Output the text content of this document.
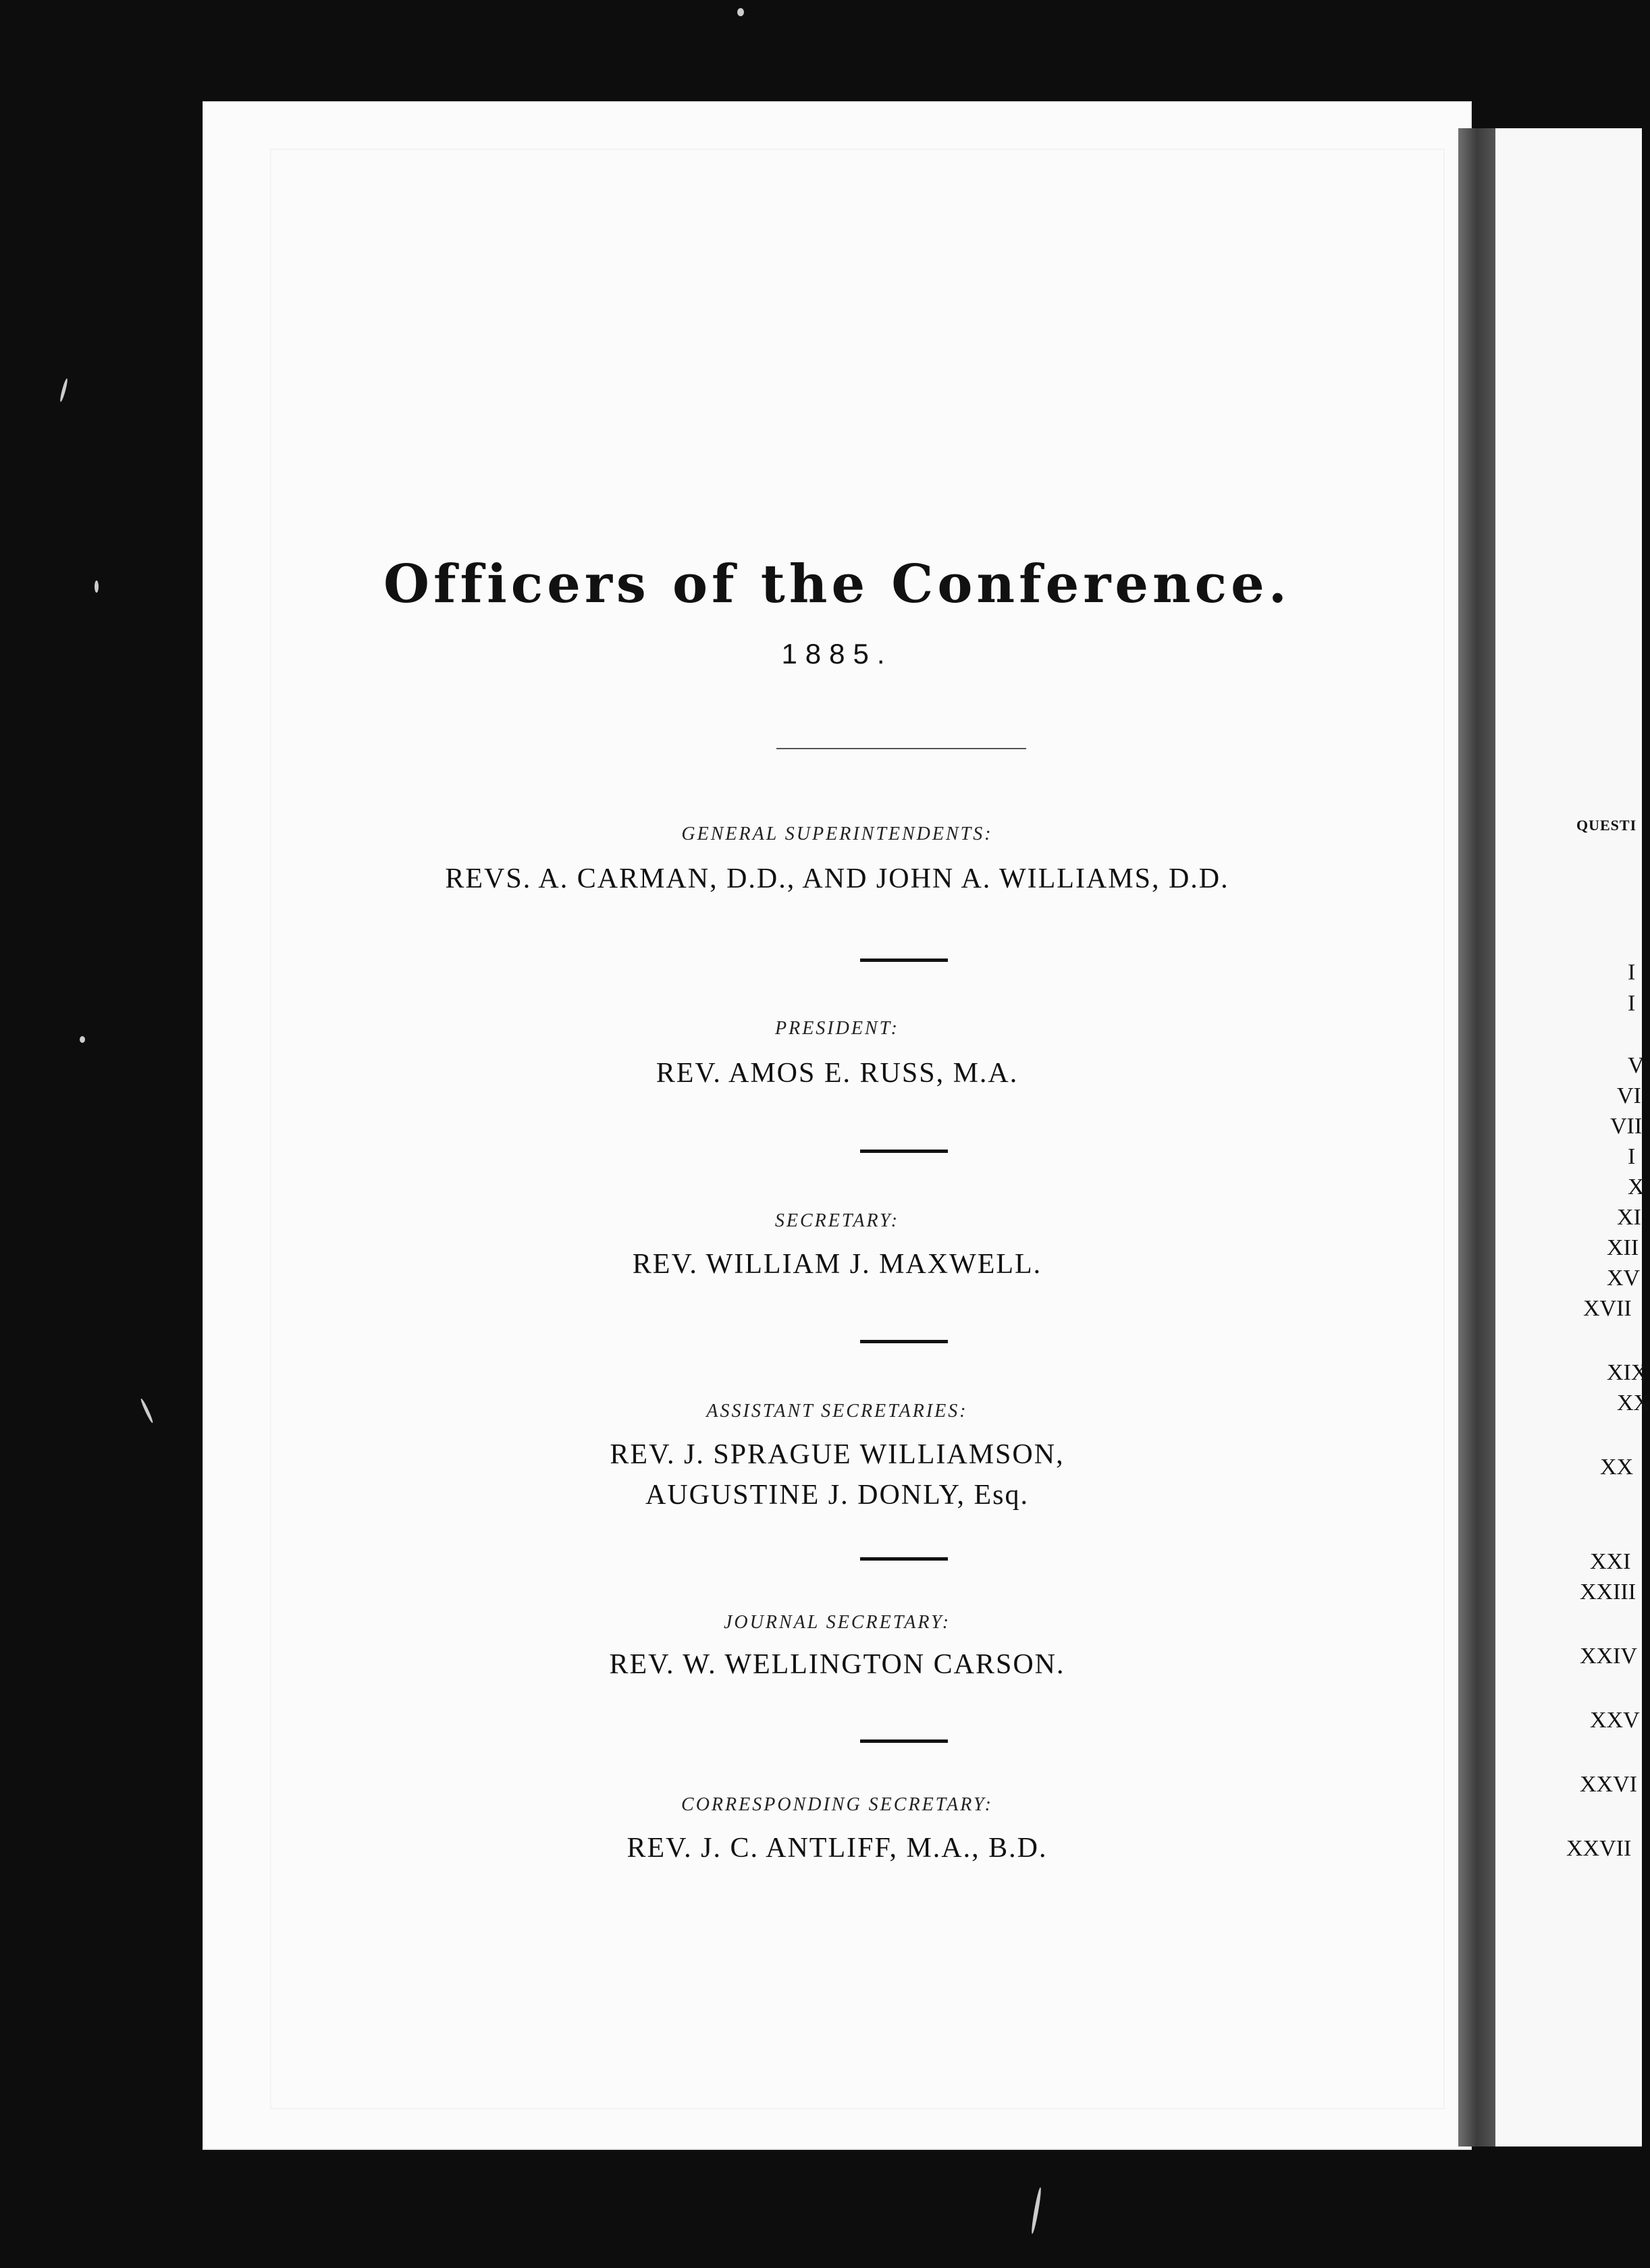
QUESTI
I
I
V
VI
VII
I
X
XI
XII
XV
XVII
XIX
XX
XX
XXI
XXIII
XXIV
XXV
XXVI
XXVII
Officers of the Conference.
1885.
GENERAL SUPERINTENDENTS:
REVS. A. CARMAN, D.D., AND JOHN A. WILLIAMS, D.D.
PRESIDENT:
REV. AMOS E. RUSS, M.A.
SECRETARY:
REV. WILLIAM J. MAXWELL.
ASSISTANT SECRETARIES:
REV. J. SPRAGUE WILLIAMSON,
AUGUSTINE J. DONLY, Esq.
JOURNAL SECRETARY:
REV. W. WELLINGTON CARSON.
CORRESPONDING SECRETARY:
REV. J. C. ANTLIFF, M.A., B.D.
